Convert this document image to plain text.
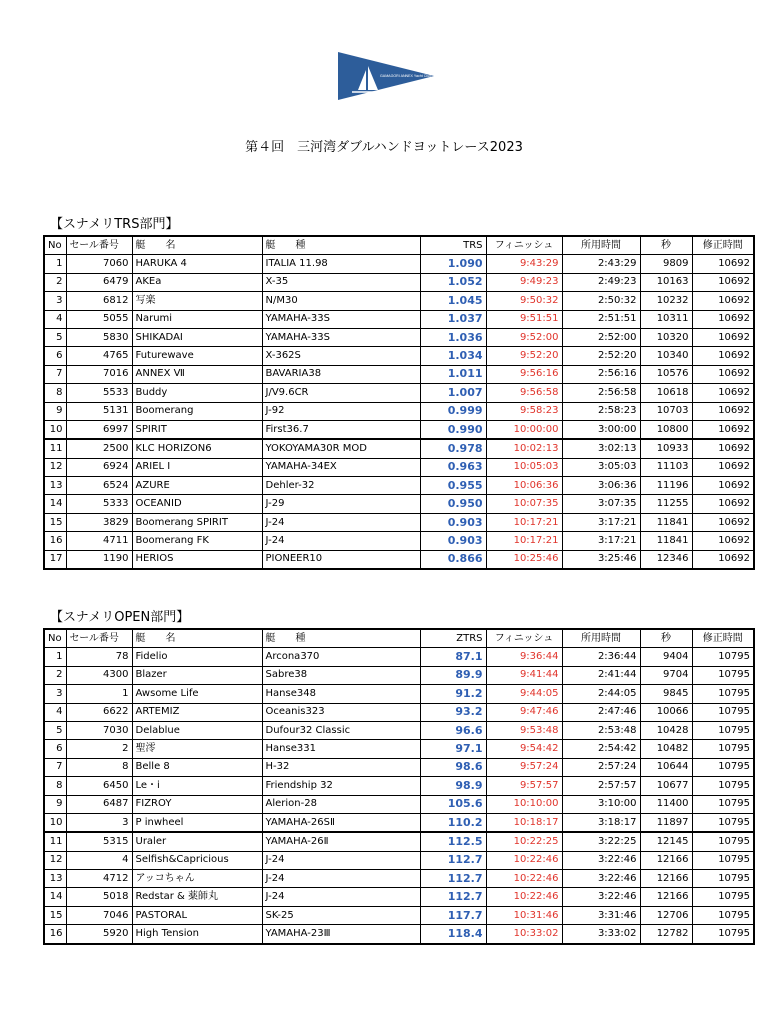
GAMAGORI ANNEX Yacht Club
第４回　三河湾ダブルハンドヨットレース2023
【スナメリTRS部門】
No	セール番号	艇　　名	艇　　種	TRS	フィニッシュ	所用時間	秒	修正時間
1	7060	HARUKA 4	ITALIA 11.98	1.090	9:43:29	2:43:29	9809	10692
2	6479	AKEa	X-35	1.052	9:49:23	2:49:23	10163	10692
3	6812	写楽	N/M30	1.045	9:50:32	2:50:32	10232	10692
4	5055	Narumi	YAMAHA-33S	1.037	9:51:51	2:51:51	10311	10692
5	5830	SHIKADAI	YAMAHA-33S	1.036	9:52:00	2:52:00	10320	10692
6	4765	Futurewave	X-362S	1.034	9:52:20	2:52:20	10340	10692
7	7016	ANNEX Ⅶ	BAVARIA38	1.011	9:56:16	2:56:16	10576	10692
8	5533	Buddy	J/V9.6CR	1.007	9:56:58	2:56:58	10618	10692
9	5131	Boomerang	J-92	0.999	9:58:23	2:58:23	10703	10692
10	6997	SPIRIT	First36.7	0.990	10:00:00	3:00:00	10800	10692
11	2500	KLC HORIZON6	YOKOYAMA30R MOD	0.978	10:02:13	3:02:13	10933	10692
12	6924	ARIEL Ⅰ	YAMAHA-34EX	0.963	10:05:03	3:05:03	11103	10692
13	6524	AZURE	Dehler-32	0.955	10:06:36	3:06:36	11196	10692
14	5333	OCEANID	J-29	0.950	10:07:35	3:07:35	11255	10692
15	3829	Boomerang SPIRIT	J-24	0.903	10:17:21	3:17:21	11841	10692
16	4711	Boomerang FK	J-24	0.903	10:17:21	3:17:21	11841	10692
17	1190	HERIOS	PIONEER10	0.866	10:25:46	3:25:46	12346	10692
【スナメリOPEN部門】
No	セール番号	艇　　名	艇　　種	ZTRS	フィニッシュ	所用時間	秒	修正時間
1	78	Fidelio	Arcona370	87.1	9:36:44	2:36:44	9404	10795
2	4300	Blazer	Sabre38	89.9	9:41:44	2:41:44	9704	10795
3	1	Awsome Life	Hanse348	91.2	9:44:05	2:44:05	9845	10795
4	6622	ARTEMIZ	Oceanis323	93.2	9:47:46	2:47:46	10066	10795
5	7030	Delablue	Dufour32 Classic	96.6	9:53:48	2:53:48	10428	10795
6	2	聖澪	Hanse331	97.1	9:54:42	2:54:42	10482	10795
7	8	Belle 8	H-32	98.6	9:57:24	2:57:24	10644	10795
8	6450	Le・i	Friendship 32	98.9	9:57:57	2:57:57	10677	10795
9	6487	FIZROY	Alerion-28	105.6	10:10:00	3:10:00	11400	10795
10	3	P inwheel	YAMAHA-26SⅡ	110.2	10:18:17	3:18:17	11897	10795
11	5315	Uraler	YAMAHA-26Ⅱ	112.5	10:22:25	3:22:25	12145	10795
12	4	Selfish&Capricious	J-24	112.7	10:22:46	3:22:46	12166	10795
13	4712	アッコちゃん	J-24	112.7	10:22:46	3:22:46	12166	10795
14	5018	Redstar & 薬師丸	J-24	112.7	10:22:46	3:22:46	12166	10795
15	7046	PASTORAL	SK-25	117.7	10:31:46	3:31:46	12706	10795
16	5920	High Tension	YAMAHA-23Ⅲ	118.4	10:33:02	3:33:02	12782	10795
